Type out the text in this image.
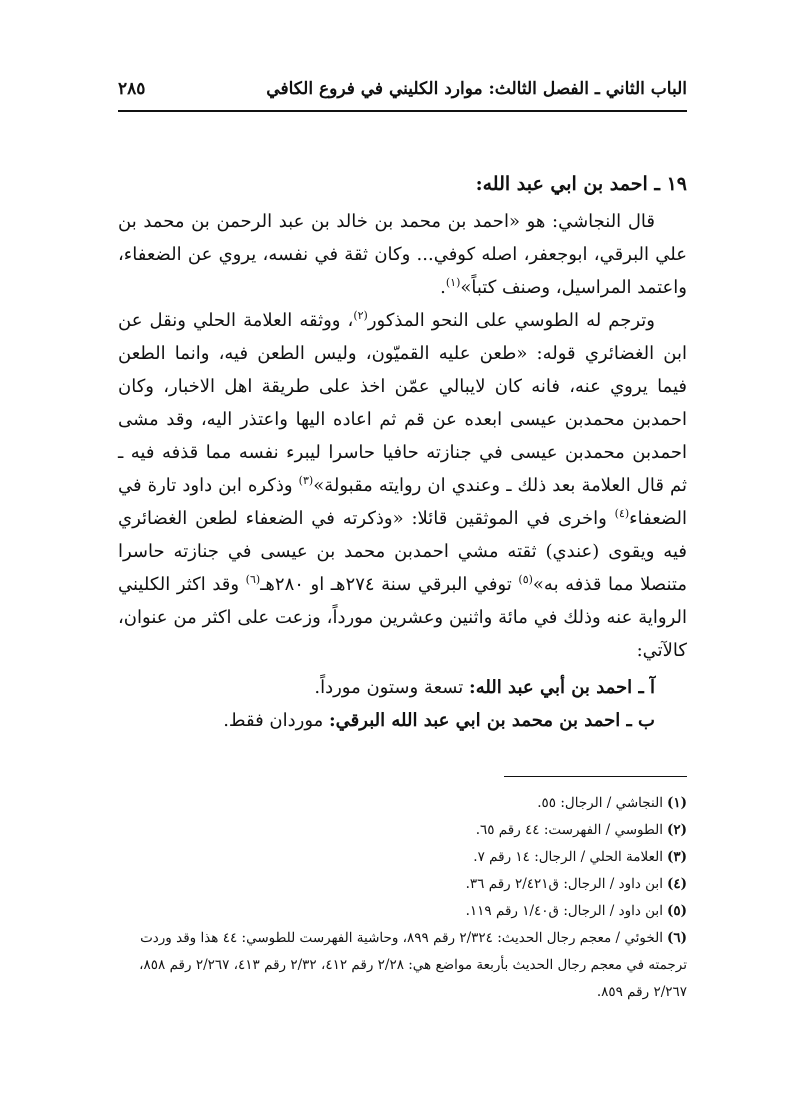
الباب الثاني ـ الفصل الثالث: موارد الكليني في فروع الكافي
٢٨٥

١٩ ـ احمد بن ابي عبد الله:

قال النجاشي: هو «احمد بن محمد بن خالد بن عبد الرحمن بن محمد بن علي البرقي، ابوجعفر، اصله كوفي... وكان ثقة في نفسه، يروي عن الضعفاء، واعتمد المراسيل، وصنف كتباً»$^{(١)}$.

وترجم له الطوسي على النحو المذكور$^{(٢)}$، ووثقه العلامة الحلي ونقل عن ابن الغضائري قوله: «طعن عليه القميّون، وليس الطعن فيه، وانما الطعن فيما يروي عنه، فانه كان لايبالي عمّن اخذ على طريقة اهل الاخبار، وكان احمدبن محمدبن عيسى ابعده عن قم ثم اعاده اليها واعتذر اليه، وقد مشى احمدبن محمدبن عيسى في جنازته حافيا حاسرا ليبرء نفسه مما قذفه فيه ـ ثم قال العلامة بعد ذلك ـ وعندي ان روايته مقبولة»$^{(٣)}$ وذكره ابن داود تارة في الضعفاء$^{(٤)}$ واخرى في الموثقين قائلا: «وذكرته في الضعفاء لطعن الغضائري فيه ويقوى (عندي) ثقته مشي احمدبن محمد بن عيسى في جنازته حاسرا متنصلا مما قذفه به»$^{(٥)}$ توفي البرقي سنة ٢٧٤هـ او ٢٨٠هـ$^{(٦)}$ وقد اكثر الكليني الرواية عنه وذلك في مائة واثنين وعشرين مورداً، وزعت على اكثر من عنوان، كالآتي:

آ ـ احمد بن أبي عبد الله: تسعة وستون مورداً.
ب ـ احمد بن محمد بن ابي عبد الله البرقي: موردان فقط.

(١)النجاشي / الرجال: ٥٥.

(٢)الطوسي / الفهرست: ٤٤ رقم ٦٥.

(٣)العلامة الحلي / الرجال: ١٤ رقم ٧.

(٤)ابن داود / الرجال: ق٢/٤٢١ رقم ٣٦.

(٥)ابن داود / الرجال: ق١/٤٠ رقم ١١٩.

(٦)الخوئي / معجم رجال الحديث: ٢/٣٢٤ رقم ٨٩٩، وحاشية الفهرست للطوسي: ٤٤ هذا وقد وردت ترجمته في معجم رجال الحديث بأربعة مواضع هي: ٢/٢٨ رقم ٤١٢، ٢/٣٢ رقم ٤١٣، ٢/٢٦٧ رقم ٨٥٨، ٢/٢٦٧ رقم ٨٥٩.
